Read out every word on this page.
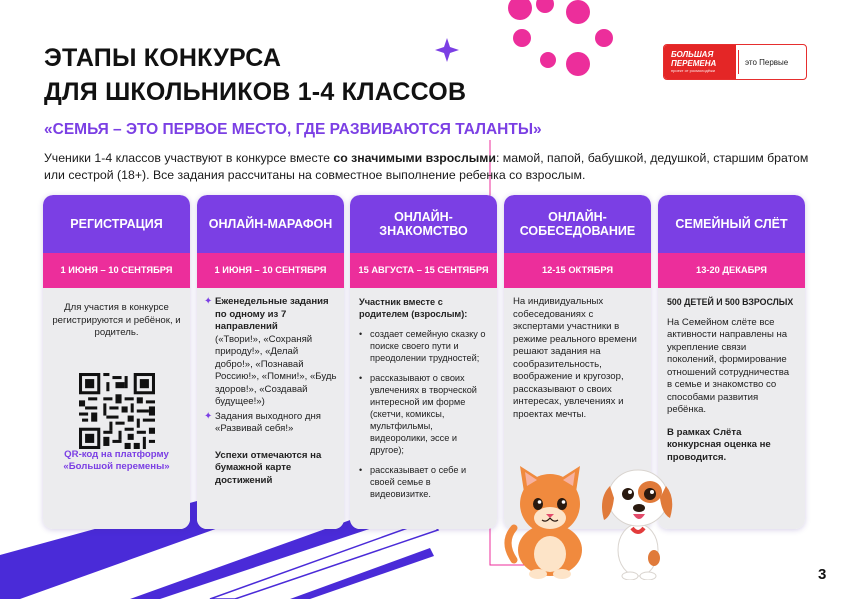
ЭТАПЫ КОНКУРСА
ДЛЯ ШКОЛЬНИКОВ 1-4 КЛАССОВ
БОЛЬШАЯ
ПЕРЕМЕНА
проект от росмолодёжи
это Первые
«СЕМЬЯ – ЭТО ПЕРВОЕ МЕСТО, ГДЕ РАЗВИВАЮТСЯ ТАЛАНТЫ»
Ученики 1-4 классов участвуют в конкурсе вместе со значимыми взрослыми: мамой, папой, бабушкой, дедушкой, старшим братом или сестрой (18+). Все задания рассчитаны на совместное выполнение ребенка со взрослым.
РЕГИСТРАЦИЯ
1 ИЮНЯ – 10 СЕНТЯБРЯ

Для участия в конкурсе регистрируются и ребёнок, и родитель.

QR-код на платформу «Большой перемены»

ОНЛАЙН-МАРАФОН
1 ИЮНЯ – 10 СЕНТЯБРЯ
✦ Еженедельные задания по одному из 7 направлений

(«Твори!», «Сохраняй природу!», «Делай добро!», «Познавай Россию!», «Помни!», «Будь здоров!», «Создавай будущее!»)

✦ Задания выходного дня «Развивай себя!»

Успехи отмечаются на бумажной карте достижений

ОНЛАЙН-ЗНАКОМСТВО
15 АВГУСТА – 15 СЕНТЯБРЯ

Участник вместе с родителем (взрослым):

• создает семейную сказку о поиске своего пути и преодолении трудностей;

• рассказывают о своих увлечениях в творческой интересной им форме (скетчи, комиксы, мультфильмы, видеоролики, эссе и другое);

• рассказывает о себе и своей семье в видеовизитке.

ОНЛАЙН-СОБЕСЕДОВАНИЕ
12-15 ОКТЯБРЯ

На индивидуальных собеседованиях с экспертами участники в режиме реального времени решают задания на сообразительность, воображение и кругозор, рассказывают о своих интересах, увлечениях и проектах мечты.

СЕМЕЙНЫЙ СЛЁТ
13-20 ДЕКАБРЯ

500 ДЕТЕЙ И 500 ВЗРОСЛЫХ

На Семейном слёте все активности направлены на укрепление связи поколений, формирование отношений сотрудничества в семье и знакомство со способами развития ребёнка.

В рамках Слёта конкурсная оценка не проводится.

3
